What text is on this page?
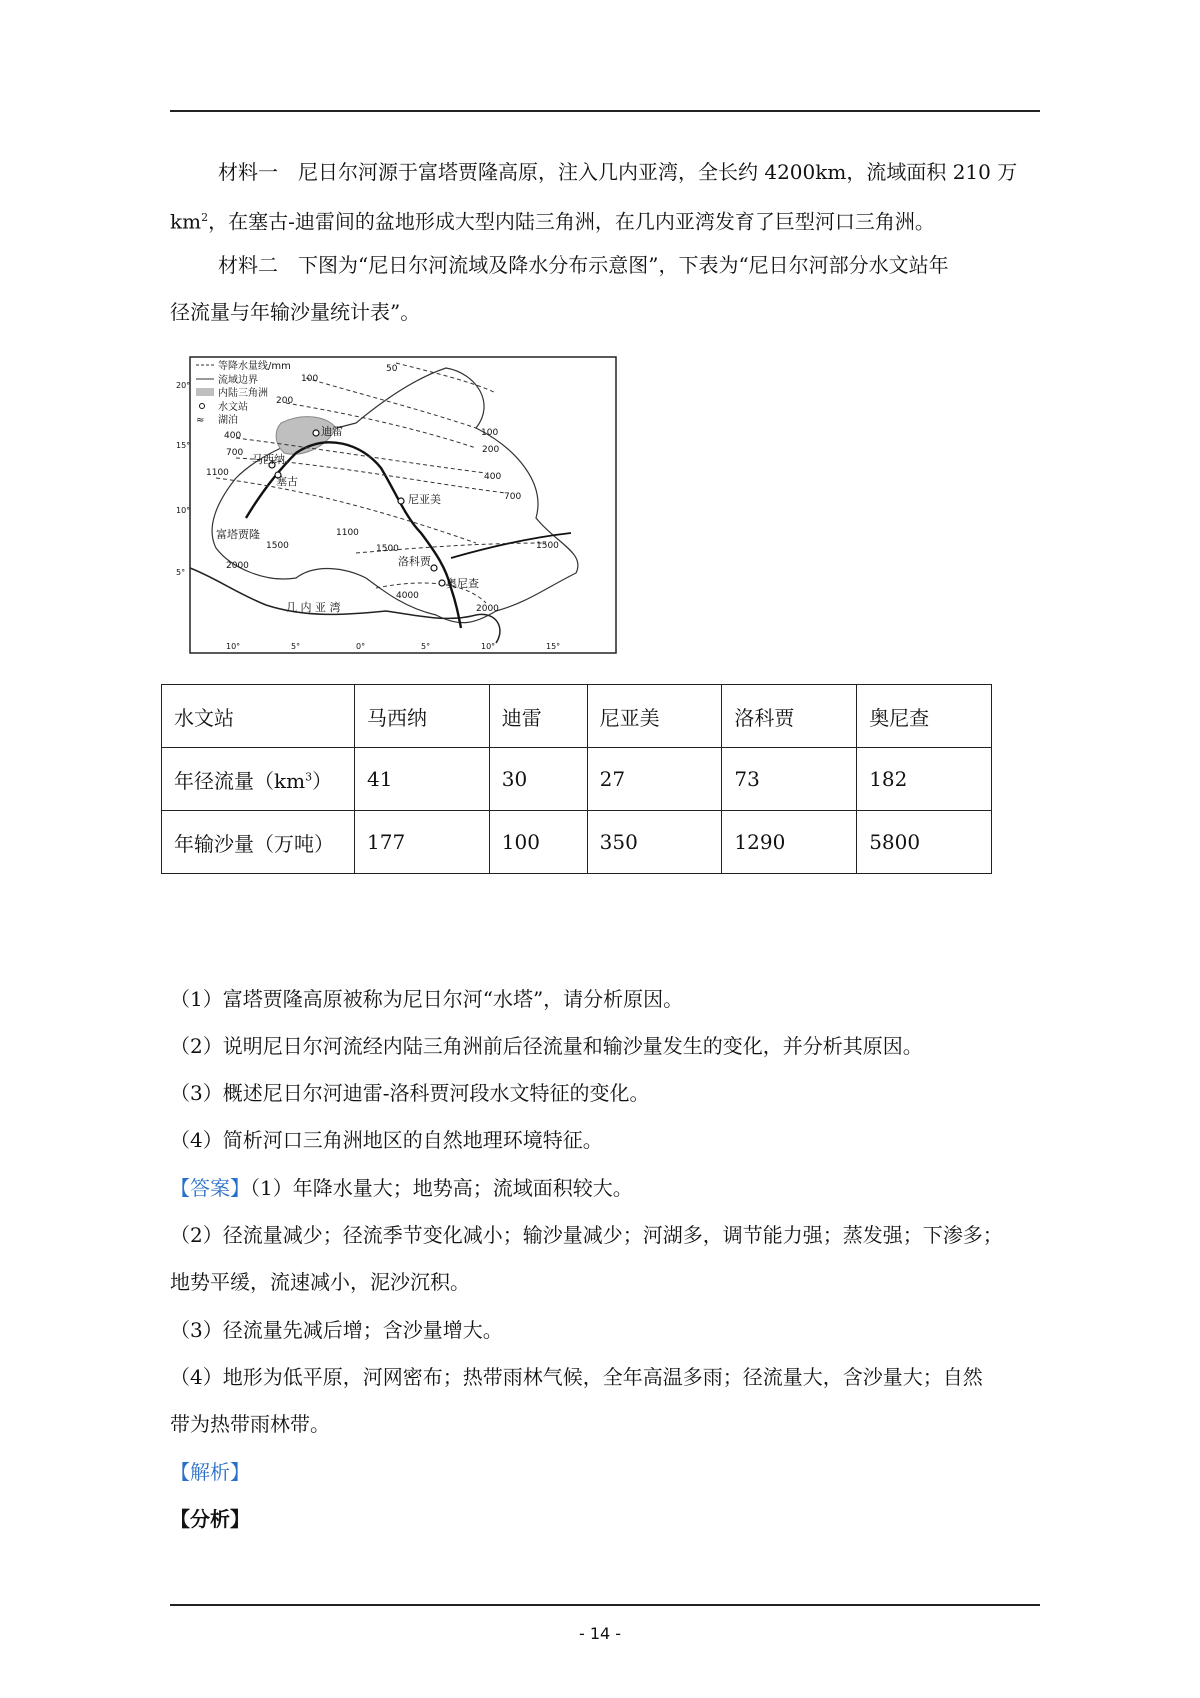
材料一　尼日尔河源于富塔贾隆高原，注入几内亚湾，全长约 4200km，流域面积 210 万
$km^2$，在塞古-迪雷间的盆地形成大型内陆三角洲，在几内亚湾发育了巨型河口三角洲。
材料二　下图为“尼日尔河流域及降水分布示意图”，下表为“尼日尔河部分水文站年
径流量与年输沙量统计表”。
等降水量线/mm
流域边界
内陆三角洲
水文站
≈ 湖泊
迪雷
马西纳
塞古
尼亚美
洛科贾
奥尼查
富塔贾隆
几 内 亚 湾
50
100
100
200
200
400
400
700
700
1100
1100
1500	1500	1500
2000
2000
4000
20°
15°
10°
5°
10°	5°	0°	5°	10°	15°
水文站	马西纳	迪雷	尼亚美	洛科贾	奥尼查
年径流量$(km^3)$	41	30	27	73	182
年输沙量（万吨）	177	100	350	1290	5800
（1）富塔贾隆高原被称为尼日尔河“水塔”，请分析原因。
（2）说明尼日尔河流经内陆三角洲前后径流量和输沙量发生的变化，并分析其原因。
（3）概述尼日尔河迪雷-洛科贾河段水文特征的变化。
（4）简析河口三角洲地区的自然地理环境特征。
【答案】（1）年降水量大；地势高；流域面积较大。
（2）径流量减少；径流季节变化减小；输沙量减少；河湖多，调节能力强；蒸发强；下渗多；
地势平缓，流速减小，泥沙沉积。
（3）径流量先减后增；含沙量增大。
（4）地形为低平原，河网密布；热带雨林气候，全年高温多雨；径流量大，含沙量大；自然
带为热带雨林带。
【解析】
【分析】
- 14 -
